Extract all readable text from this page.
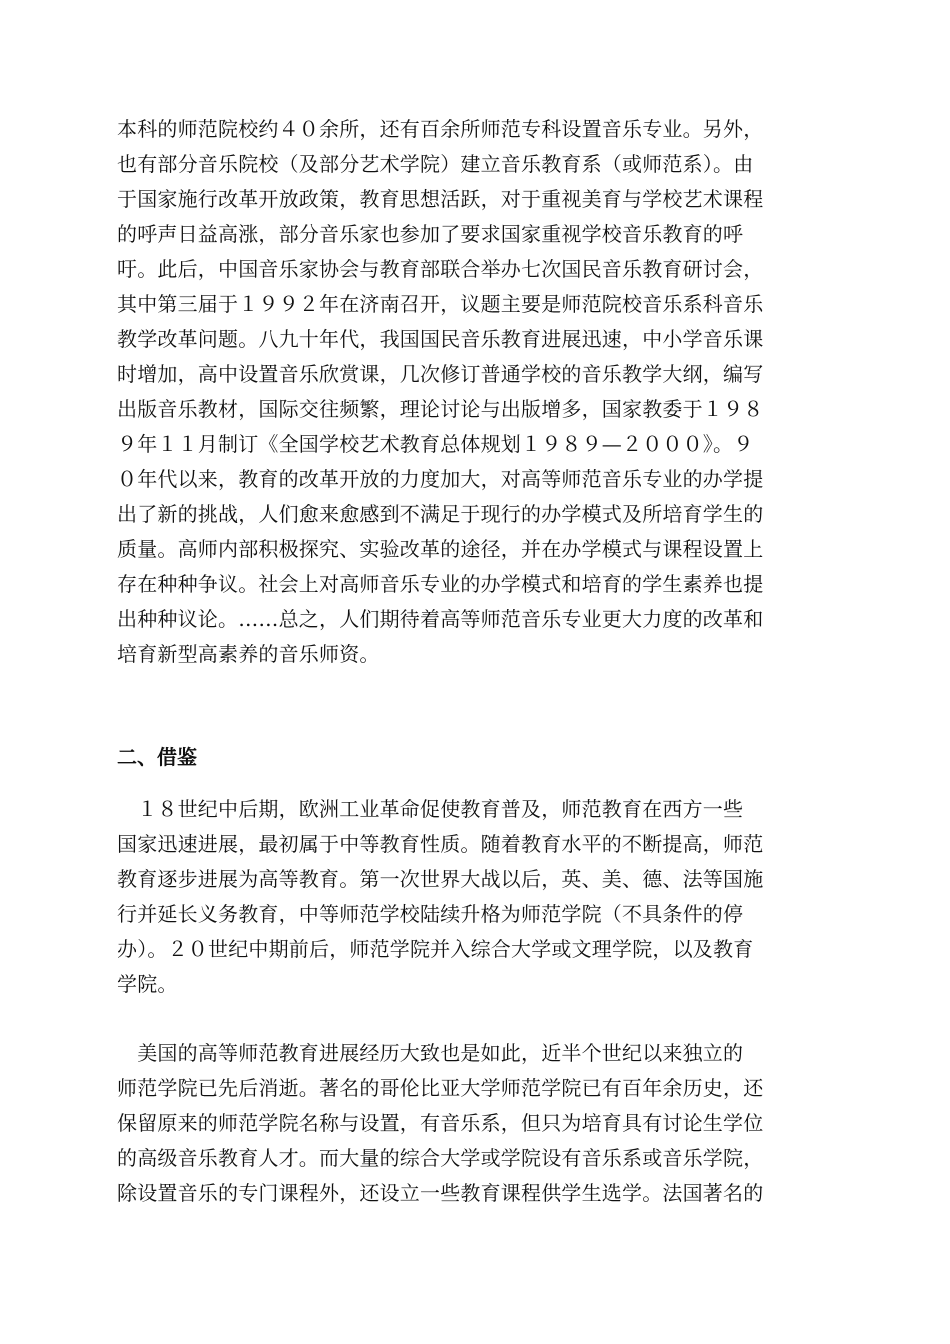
本科的师范院校约４０余所，还有百余所师范专科设置音乐专业。另外，
也有部分音乐院校（及部分艺术学院）建立音乐教育系（或师范系）。由
于国家施行改革开放政策，教育思想活跃，对于重视美育与学校艺术课程
的呼声日益高涨，部分音乐家也参加了要求国家重视学校音乐教育的呼
吁。此后，中国音乐家协会与教育部联合举办七次国民音乐教育研讨会，
其中第三届于１９９２年在济南召开，议题主要是师范院校音乐系科音乐
教学改革问题。八九十年代，我国国民音乐教育进展迅速，中小学音乐课
时增加，高中设置音乐欣赏课，几次修订普通学校的音乐教学大纲，编写
出版音乐教材，国际交往频繁，理论讨论与出版增多，国家教委于１９８
９年１１月制订《全国学校艺术教育总体规划１９８９—２０００》。９
０年代以来，教育的改革开放的力度加大，对高等师范音乐专业的办学提
出了新的挑战，人们愈来愈感到不满足于现行的办学模式及所培育学生的
质量。高师内部积极探究、实验改革的途径，并在办学模式与课程设置上
存在种种争议。社会上对高师音乐专业的办学模式和培育的学生素养也提
出种种议论。……总之，人们期待着高等师范音乐专业更大力度的改革和
培育新型高素养的音乐师资。
二、借鉴
　１８世纪中后期，欧洲工业革命促使教育普及，师范教育在西方一些
国家迅速进展，最初属于中等教育性质。随着教育水平的不断提高，师范
教育逐步进展为高等教育。第一次世界大战以后，英、美、德、法等国施
行并延长义务教育，中等师范学校陆续升格为师范学院（不具条件的停
办）。２０世纪中期前后，师范学院并入综合大学或文理学院，以及教育
学院。
　美国的高等师范教育进展经历大致也是如此，近半个世纪以来独立的
师范学院已先后消逝。著名的哥伦比亚大学师范学院已有百年余历史，还
保留原来的师范学院名称与设置，有音乐系，但只为培育具有讨论生学位
的高级音乐教育人才。而大量的综合大学或学院设有音乐系或音乐学院，
除设置音乐的专门课程外，还设立一些教育课程供学生选学。法国著名的
